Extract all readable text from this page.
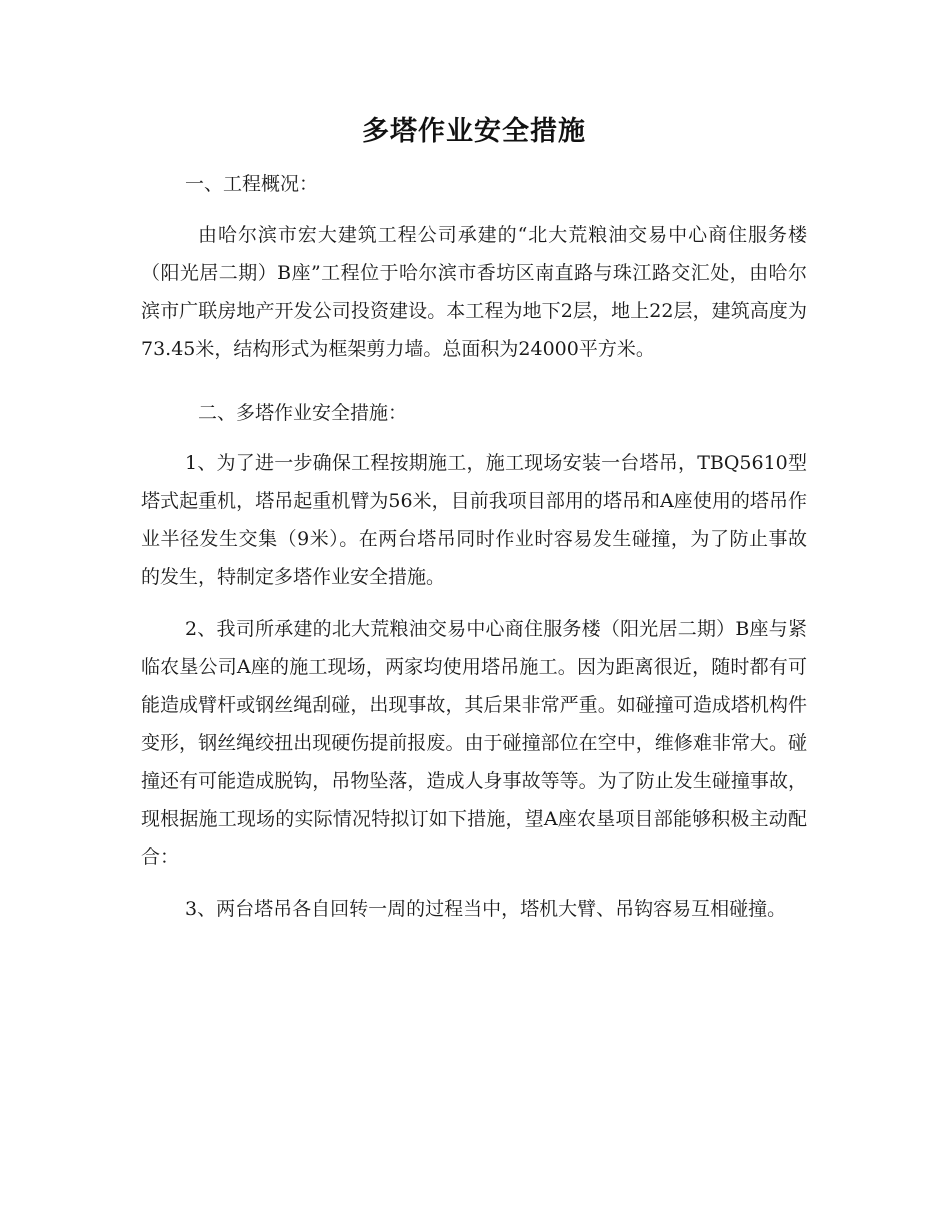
多塔作业安全措施

一、工程概况：

由哈尔滨市宏大建筑工程公司承建的“北大荒粮油交易中心商住服务楼（阳光居二期）B座”工程位于哈尔滨市香坊区南直路与珠江路交汇处，由哈尔滨市广联房地产开发公司投资建设。本工程为地下2层，地上22层，建筑高度为73.45米，结构形式为框架剪力墙。总面积为24000平方米。

二、多塔作业安全措施：

1、为了进一步确保工程按期施工，施工现场安装一台塔吊，TBQ5610型塔式起重机，塔吊起重机臂为56米，目前我项目部用的塔吊和A座使用的塔吊作业半径发生交集（9米）。在两台塔吊同时作业时容易发生碰撞，为了防止事故的发生，特制定多塔作业安全措施。

2、我司所承建的北大荒粮油交易中心商住服务楼（阳光居二期）B座与紧临农垦公司A座的施工现场，两家均使用塔吊施工。因为距离很近，随时都有可能造成臂杆或钢丝绳刮碰，出现事故，其后果非常严重。如碰撞可造成塔机构件变形，钢丝绳绞扭出现硬伤提前报废。由于碰撞部位在空中，维修难非常大。碰撞还有可能造成脱钩，吊物坠落，造成人身事故等等。为了防止发生碰撞事故，现根据施工现场的实际情况特拟订如下措施，望A座农垦项目部能够积极主动配合：

3、两台塔吊各自回转一周的过程当中，塔机大臂、吊钩容易互相碰撞。
